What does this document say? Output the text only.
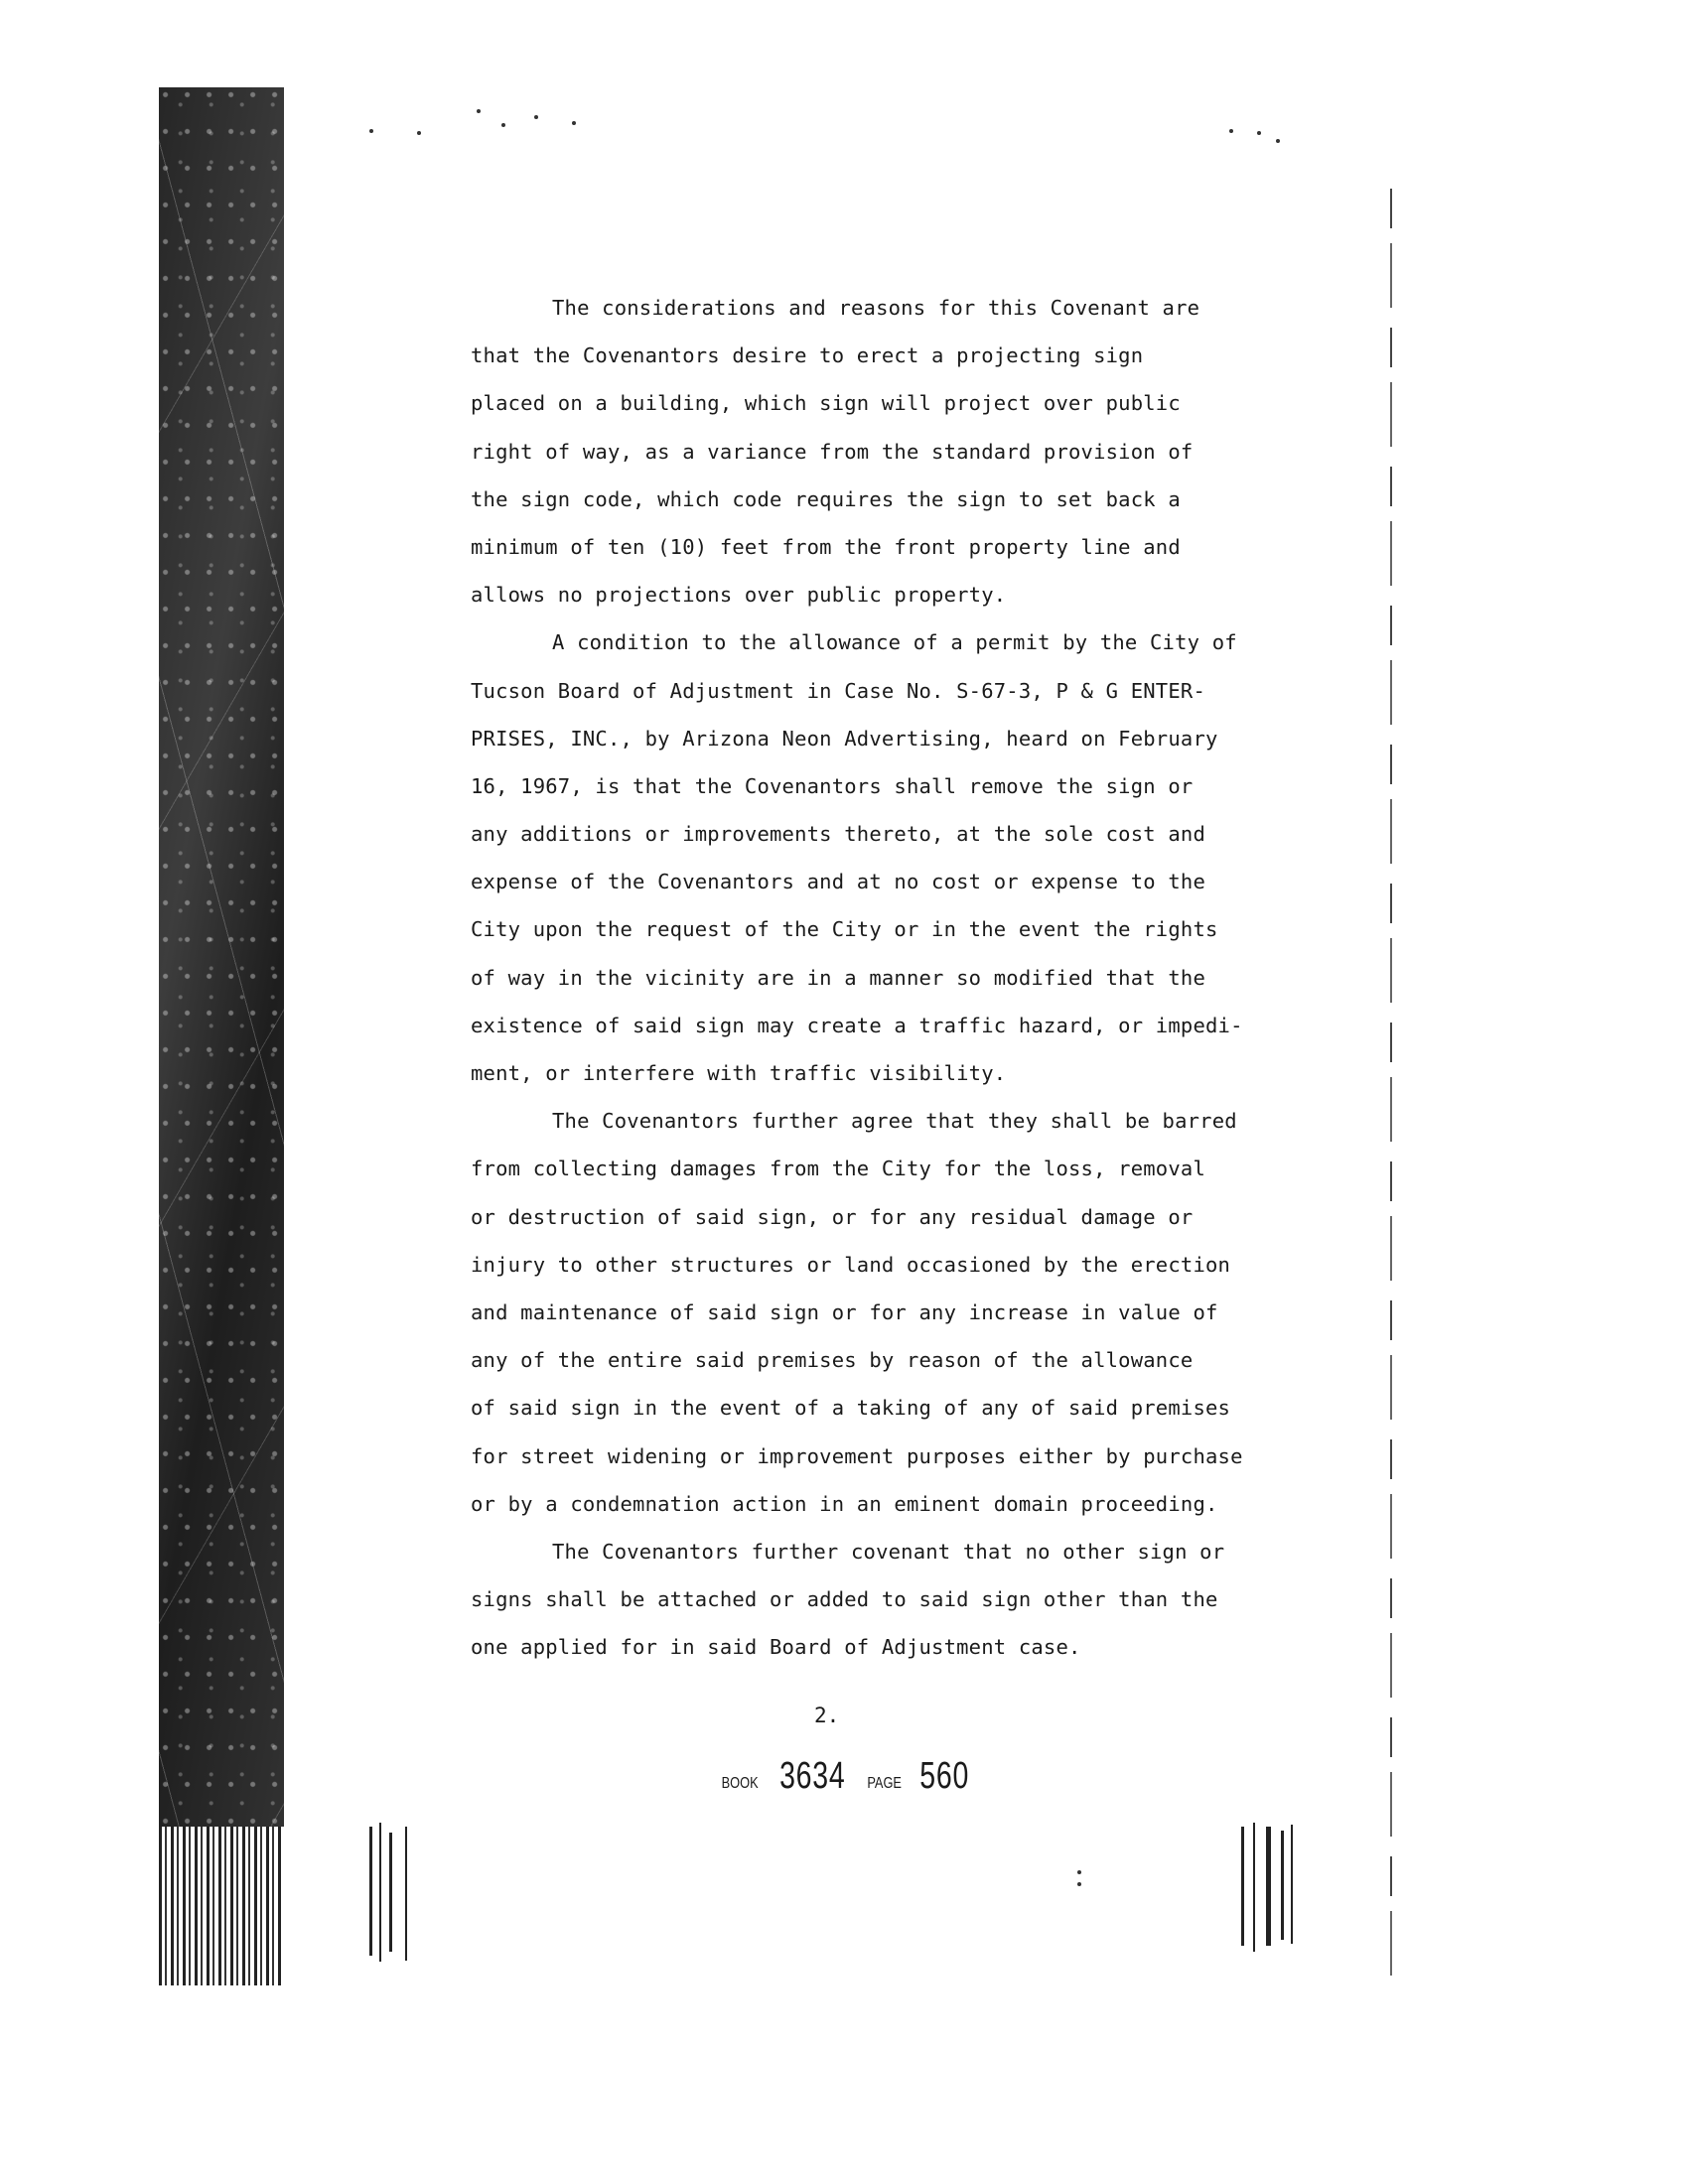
The considerations and reasons for this Covenant are
that the Covenantors desire to erect a projecting sign
placed on a building, which sign will project over public
right of way, as a variance from the standard provision of
the sign code, which code requires the sign to set back a
minimum of ten (10) feet from the front property line and
allows no projections over public property.
A condition to the allowance of a permit by the City of
Tucson Board of Adjustment in Case No. S-67-3, P & G ENTER-
PRISES, INC., by Arizona Neon Advertising, heard on February
16, 1967, is that the Covenantors shall remove the sign or
any additions or improvements thereto, at the sole cost and
expense of the Covenantors and at no cost or expense to the
City upon the request of the City or in the event the rights
of way in the vicinity are in a manner so modified that the
existence of said sign may create a traffic hazard, or impedi-
ment, or interfere with traffic visibility.
The Covenantors further agree that they shall be barred
from collecting damages from the City for the loss, removal
or destruction of said sign, or for any residual damage or
injury to other structures or land occasioned by the erection
and maintenance of said sign or for any increase in value of
any of the entire said premises by reason of the allowance
of said sign in the event of a taking of any of said premises
for street widening or improvement purposes either by purchase
or by a condemnation action in an eminent domain proceeding.
The Covenantors further covenant that no other sign or
signs shall be attached or added to said sign other than the
one applied for in said Board of Adjustment case.
2.
BOOK 3634 PAGE 560
